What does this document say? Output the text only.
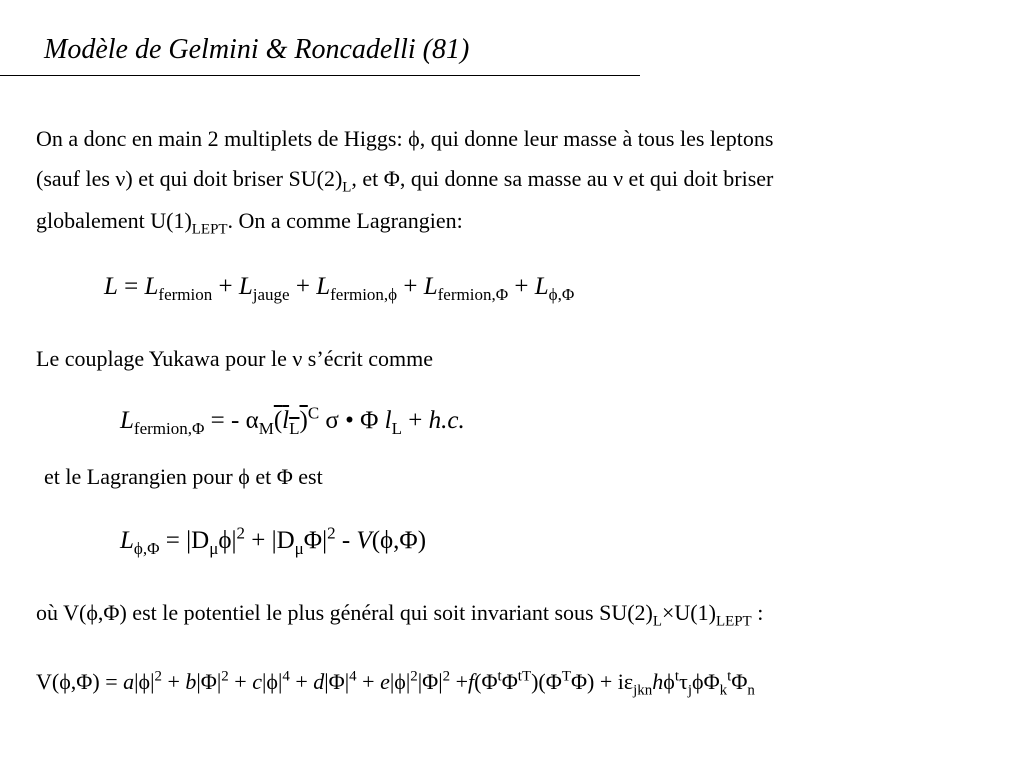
Modèle de Gelmini & Roncadelli (81)
On a donc en main 2 multiplets de Higgs: ϕ, qui donne leur masse à tous les leptons
(sauf les ν) et qui doit briser $SU(2)_L$, et Φ, qui donne sa masse au ν et qui doit briser
globalement $U(1)_{LEPT}$. On a comme Lagrangien:
$L = L_{fermion} + L_{jauge} + L_{fermion,\phi} + L_{fermion,\Phi} + L_{\phi,\Phi}$
Le couplage Yukawa pour le ν s’écrit comme
$L_{fermion,\Phi}$ = - $\alpha_M(l_L)^C$ σ • Φ $l_L + h.c$.
et le Lagrangien pour ϕ et Φ est
$L_{\phi,\Phi} = |D_\mu\phi|^2 + |D_\mu\Phi|^2 - V(\phi,\Phi)$
où V(ϕ,Φ) est le potentiel le plus général qui soit invariant sous $SU(2)_L\times U(1)_{LEPT}$ :
$V(\phi,\Phi) = a|\phi|^2 + b|\Phi|^2 + c|\phi|^4 + d|\Phi|^4 + e|\phi|^2|\Phi|^2 +f(\Phi^t\Phi^{tT})(\Phi^T\Phi) + i\varepsilon_{jkn}h\phi^t\tau_j\phi\Phi_k^t\Phi_n$
